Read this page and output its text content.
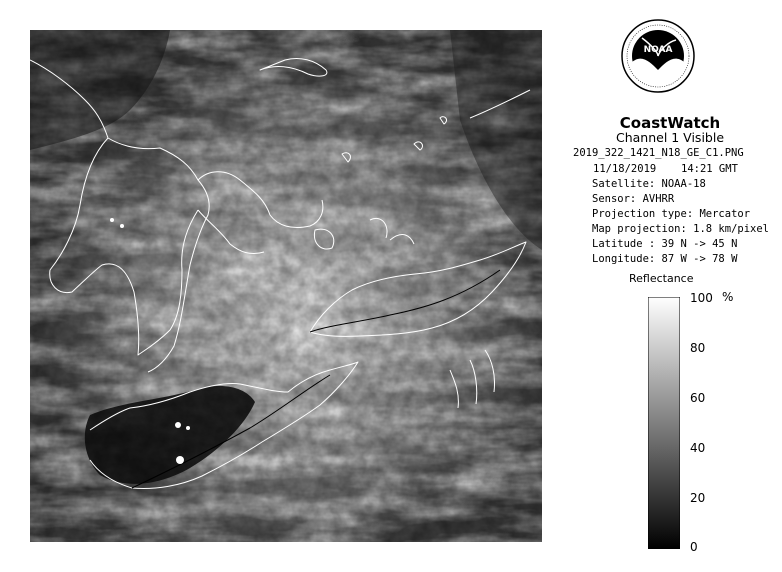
NOAA
CoastWatch
Channel 1 Visible
2019_322_1421_N18_GE_C1.PNG
11/18/2019 14:21 GMT
Satellite: NOAA-18
Sensor: AVHRR
Projection type: Mercator
Map projection: 1.8 km/pixel
Latitude : 39 N -> 45 N
Longitude: 87 W -> 78 W
Reflectance
100 %
80
60
40
20
0
